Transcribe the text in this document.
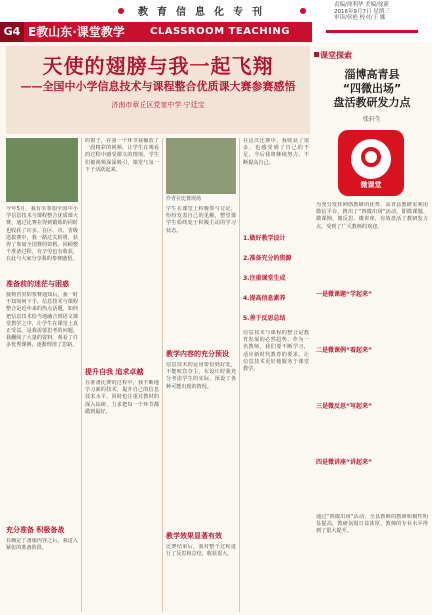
教育信息化专刊
责编/徐利华 美编/徐新
2016年9月7日 星期三
审读/侯艳 校对/王 娜
G4 E教山东·课堂教学	CLASSROOM TEACHING
天使的翅膀与我一起飞翔
——全国中小学信息技术与课程整合优质课大赛参赛感悟
济南市章丘区党家中学 宁廷宝
今年5月，我有幸参加全国中小学信息技术与课程整合优质课大赛，通过比赛在得到锻炼的同时也收获了许多。在区、市、省级选拔赛中，我一路过关斩将，获得了参加全国赛的资格。回顾整个准备过程，有辛劳也有收获，在此与大家分享我的参赛感悟。
准备前的迷茫与困惑
接到省里的参赛通知后，我一时不知如何下手。信息技术与课程整合是近年来的热点话题，如何把信息技术恰当地融合到语文课堂教学之中，让学生在课堂上真正受益，是我需要思考的问题。我翻阅了大量的资料，观看了许多优秀课例，逐渐理清了思路。
充分准备 积极备战
在确定了备课内容之后，我进入紧张的准备阶段。
的窗子，在第一个环节我播放了一段精彩的视频，让学生在观看的过程中感受课文的情境。学生们被视频深深吸引，课堂气氛一下子活跃起来。
提升自我 追求卓越
在准备比赛的过程中，我不断地学习新的技术，提升自己的信息技术水平，同时也注重对教材的深入钻研，力求把每一个环节都做到最好。
作者在比赛现场
学生在课堂上积极参与讨论，纷纷发表自己的见解，整堂课学生始终处于积极主动的学习状态。
教学内容的充分预设
信息技术的运用要恰到好处，不能喧宾夺主。在设计时我充分考虑学生的实际，预设了各种可能出现的情况。
教学效果显著有效
比赛结束后，我对整个过程进行了反思和总结，收获很大。
在这次比赛中，我收获了很多，也感受到了自己的不足。今后我将继续努力，不断提高自己。
1.做好教学设计
2.准备充分的资源
3.注重课堂生成
4.提高信息素养
5.善于反思总结
信息技术与课程的整合是教育发展的必然趋势，作为一名教师，我们要不断学习，适应新时代教育的要求，让信息技术更好地服务于课堂教学。
课堂探索
淄博高青县
“四微出场”
盘活教研发力点
张轩生
微课堂
为充分发挥网络教研的优势，高青县教研室利用微信平台，推出了“四微出场”活动，即微课题、微课例、微反思、微讲座，有效盘活了教研发力点，受到了广大教师的欢迎。
一是微课题“学起来”
二是微课例“看起来”
三是微反思“写起来”
四是微讲座“讲起来”
通过“四微出场”活动，全县教师的教研积极性明显提高，教研氛围日益浓厚，教师的专业水平得到了很大提升。
